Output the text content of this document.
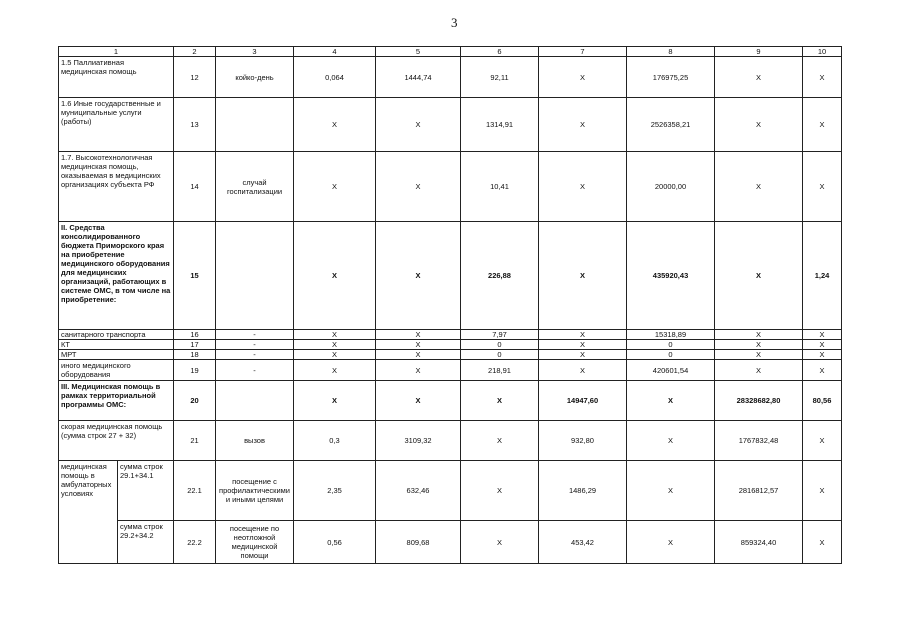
3
1		2	3	4	5	6	7	8	9	10
1.5 Паллиативная медицинская помощь		12	койко-день	0,064	1444,74	92,11	Х	176975,25	Х	Х
1.6 Иные государственные и муниципальные услуги (работы)		13		Х	Х	1314,91	Х	2526358,21	Х	Х
1.7. Высокотехнологичная медицинская помощь, оказываемая в медицинских организациях субъекта РФ		14	случай госпитализации	Х	Х	10,41	Х	20000,00	Х	Х
II. Средства консолидированного бюджета Приморского края на приобретение медицинского оборудования для медицинских организаций, работающих в системе ОМС, в том числе на приобретение:		15		Х	Х	226,88	Х	435920,43	Х	1,24
санитарного транспорта		16	-	Х	Х	7,97	Х	15318,89	Х	Х
КТ		17	-	Х	Х	0	Х	0	Х	Х
МРТ		18	-	Х	Х	0	Х	0	Х	Х
иного медицинского оборудования		19	-	Х	Х	218,91	Х	420601,54	Х	Х
III. Медицинская помощь в рамках территориальной программы ОМС:		20		Х	Х	Х	14947,60	Х	28328682,80	80,56
скорая медицинская помощь (сумма строк 27 + 32)		21	вызов	0,3	3109,32	Х	932,80	Х	1767832,48	Х
медицинская помощь в амбулаторных условиях	сумма строк 29.1+34.1	22.1	посещение с профилактическими и иными целями	2,35	632,46	Х	1486,29	Х	2816812,57	Х
	сумма строк 29.2+34.2	22.2	посещение по неотложной медицинской помощи	0,56	809,68	Х	453,42	Х	859324,40	Х
